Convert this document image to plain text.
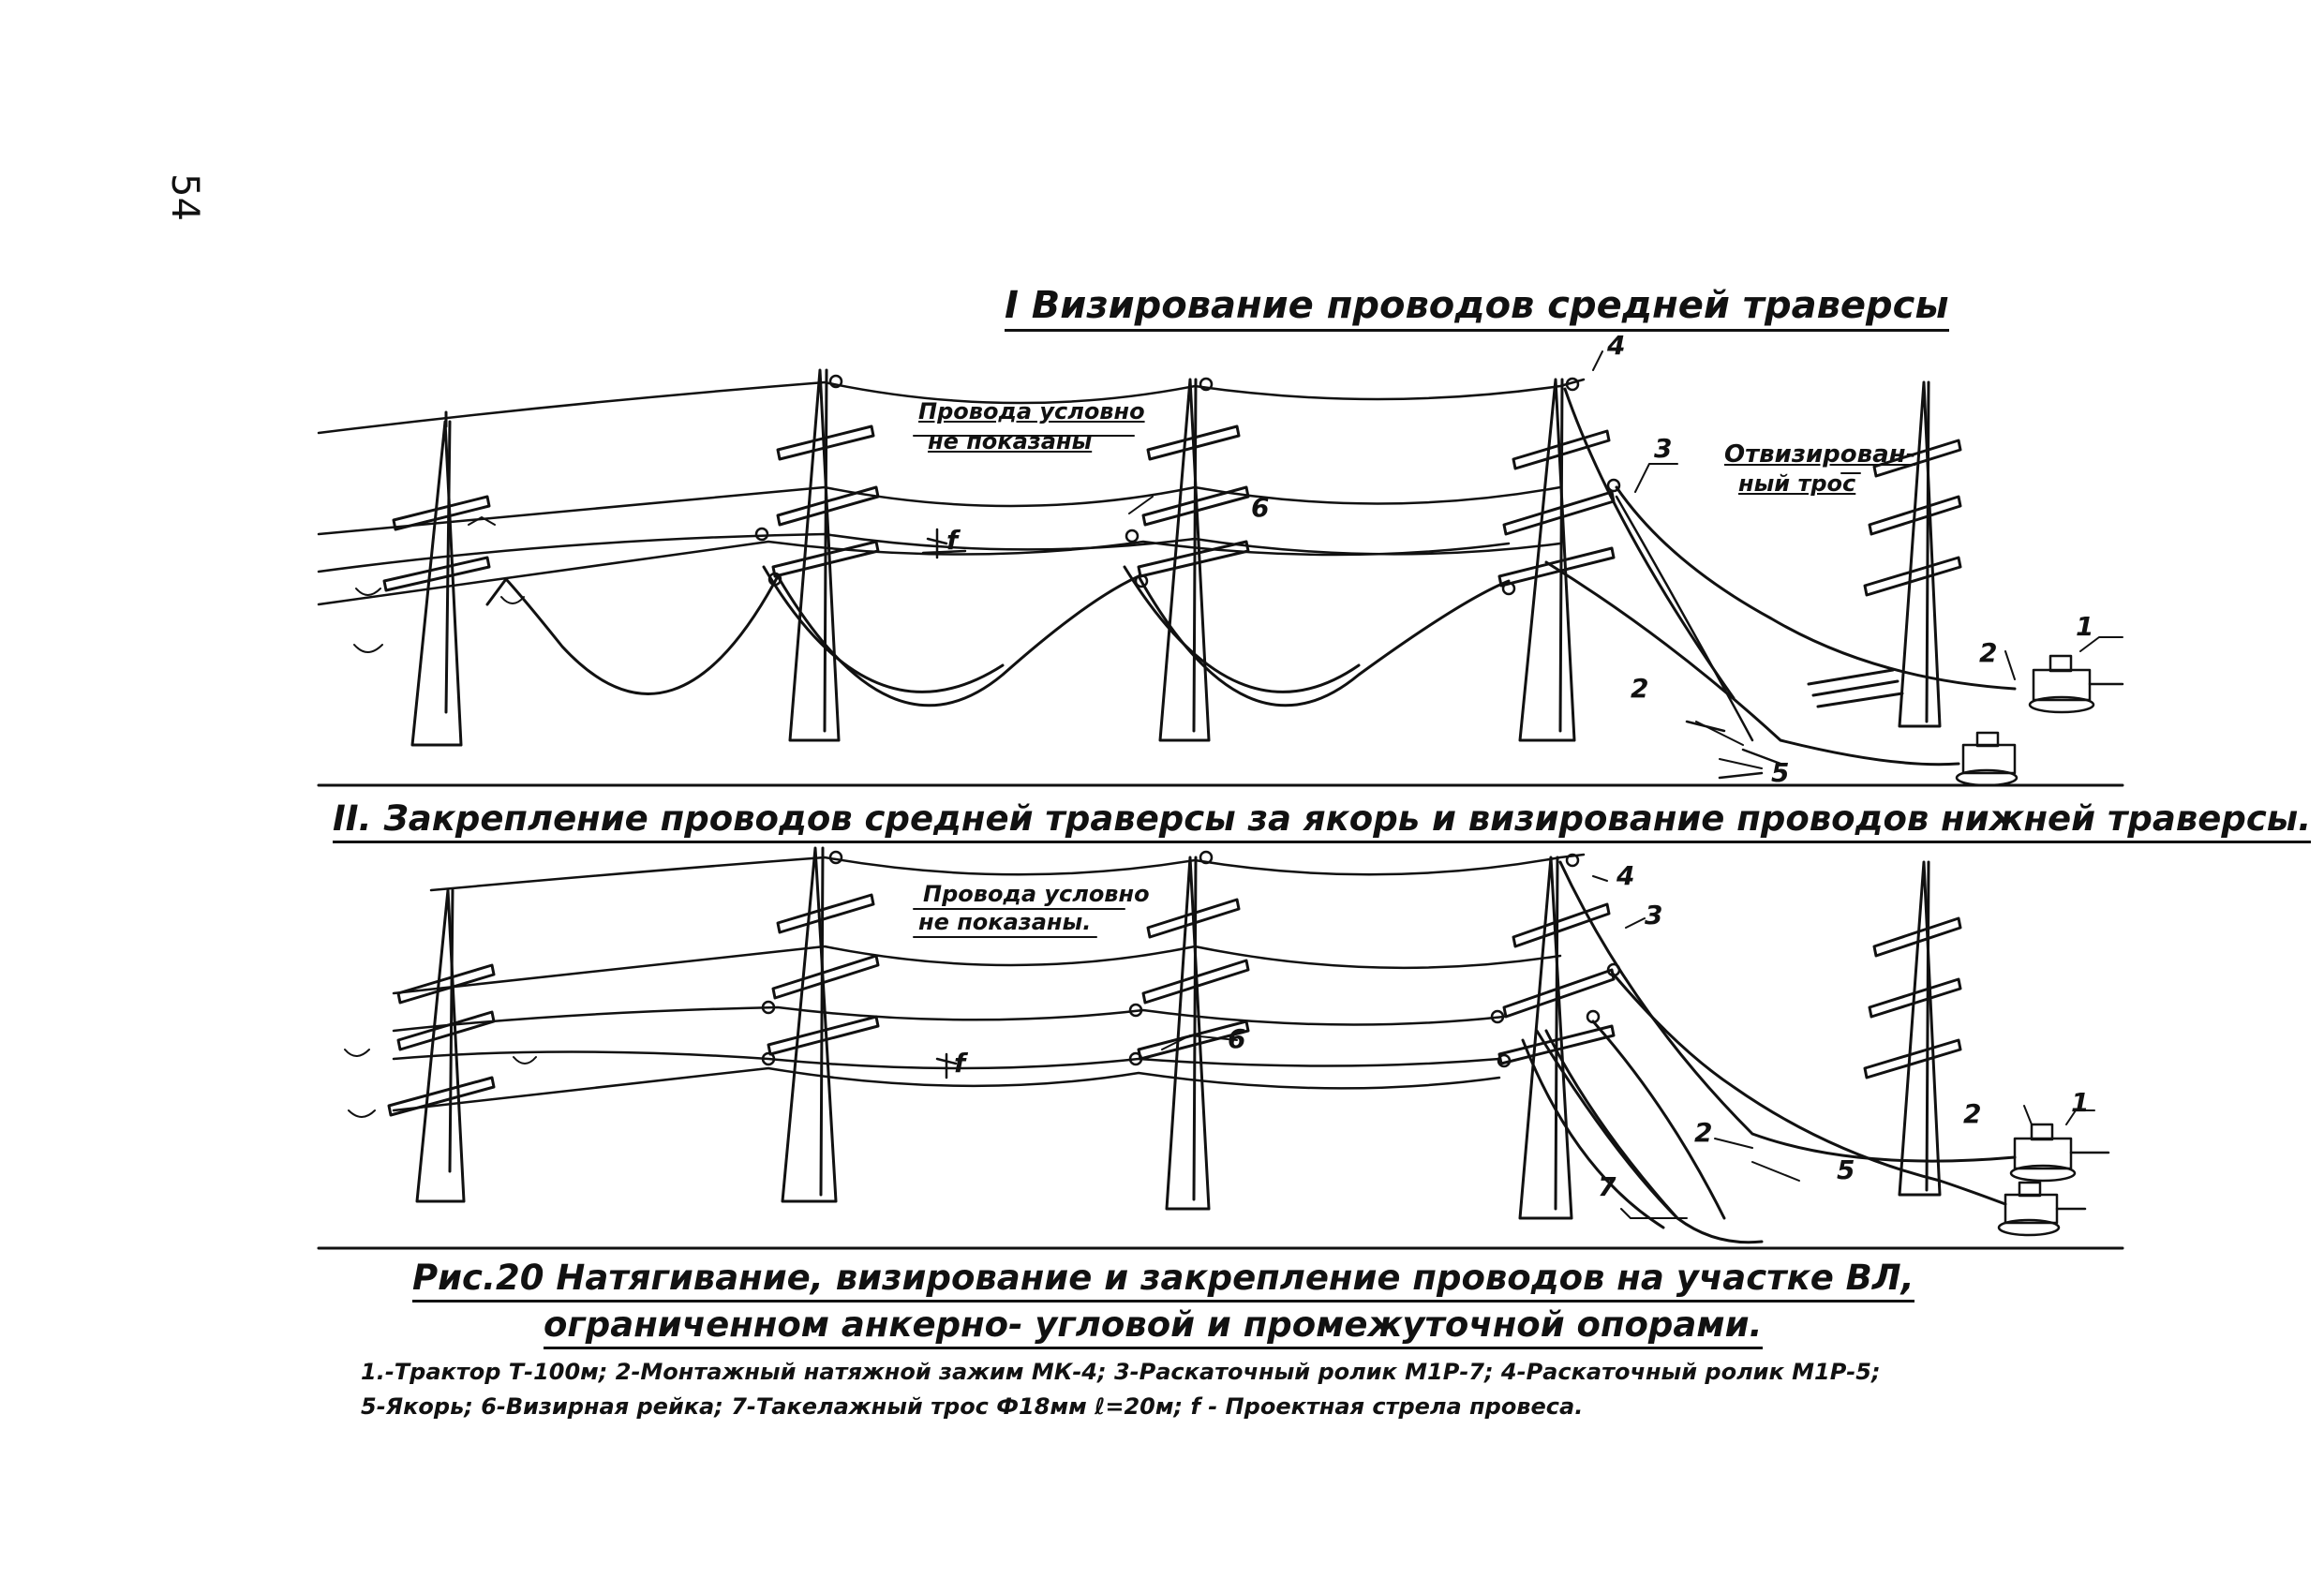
54
I Визирование проводов средней траверсы
Провода условно
не показаны	Отвизирован-
ный трос
4
3
6
f
2
1
2
5
II. Закрепление проводов средней траверсы за якорь и визирование проводов нижней траверсы.
Провода условно
не показаны.
4
3
6
f
2	1
2
5
7
Рис.20 Натягивание, визирование и закрепление проводов на участке ВЛ,
ограниченном анкерно- угловой и промежуточной опорами.
1.-Трактор Т-100м; 2-Монтажный натяжной зажим МК-4; 3-Раскаточный ролик М1Р-7; 4-Раскаточный ролик М1Р-5;
5-Якорь; 6-Визирная рейка; 7-Такелажный трос Ф18мм ℓ=20м; f - Проектная стрела провеса.
